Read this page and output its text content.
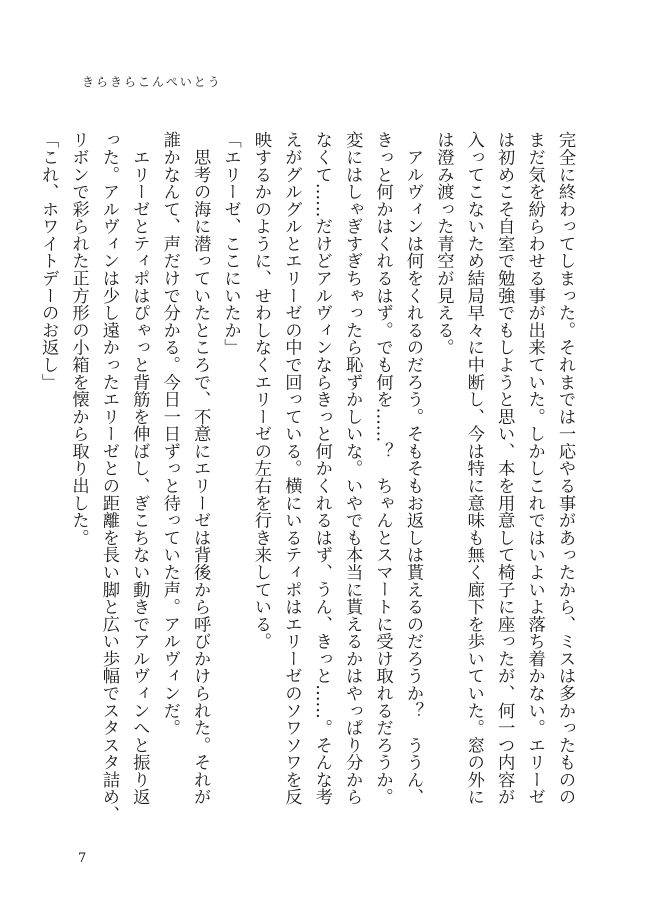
きらきらこんぺいとう
完全に終わってしまった。それまでは一応やる事があったから、ミスは多かったものの
まだ気を紛らわせる事が出来ていた。しかしこれではいよいよ落ち着かない。エリーゼ
は初めこそ自室で勉強でもしようと思い、本を用意して椅子に座ったが、何一つ内容が
入ってこないため結局早々に中断し、今は特に意味も無く廊下を歩いていた。窓の外に
は澄み渡った青空が見える。
　アルヴィンは何をくれるのだろう。そもそもお返しは貰えるのだろうか？　ううん、
きっと何かはくれるはず。でも何を……？　ちゃんとスマートに受け取れるだろうか。
変にはしゃぎすぎちゃったら恥ずかしいな。いやでも本当に貰えるかはやっぱり分から
なくて……だけどアルヴィンならきっと何かくれるはず、うん、きっと……。そんな考
えがグルグルとエリーゼの中で回っている。横にいるティポはエリーゼのソワソワを反
映するかのように、せわしなくエリーゼの左右を行き来している。
「エリーゼ、ここにいたか」
　思考の海に潜っていたところで、不意にエリーゼは背後から呼びかけられた。それが
誰かなんて、声だけで分かる。今日一日ずっと待っていた声。アルヴィンだ。
　エリーゼとティポはぴゃっと背筋を伸ばし、ぎこちない動きでアルヴィンへと振り返
った。アルヴィンは少し遠かったエリーゼとの距離を長い脚と広い歩幅でスタスタ詰め、
リボンで彩られた正方形の小箱を懐から取り出した。
「これ、ホワイトデーのお返し」
7
